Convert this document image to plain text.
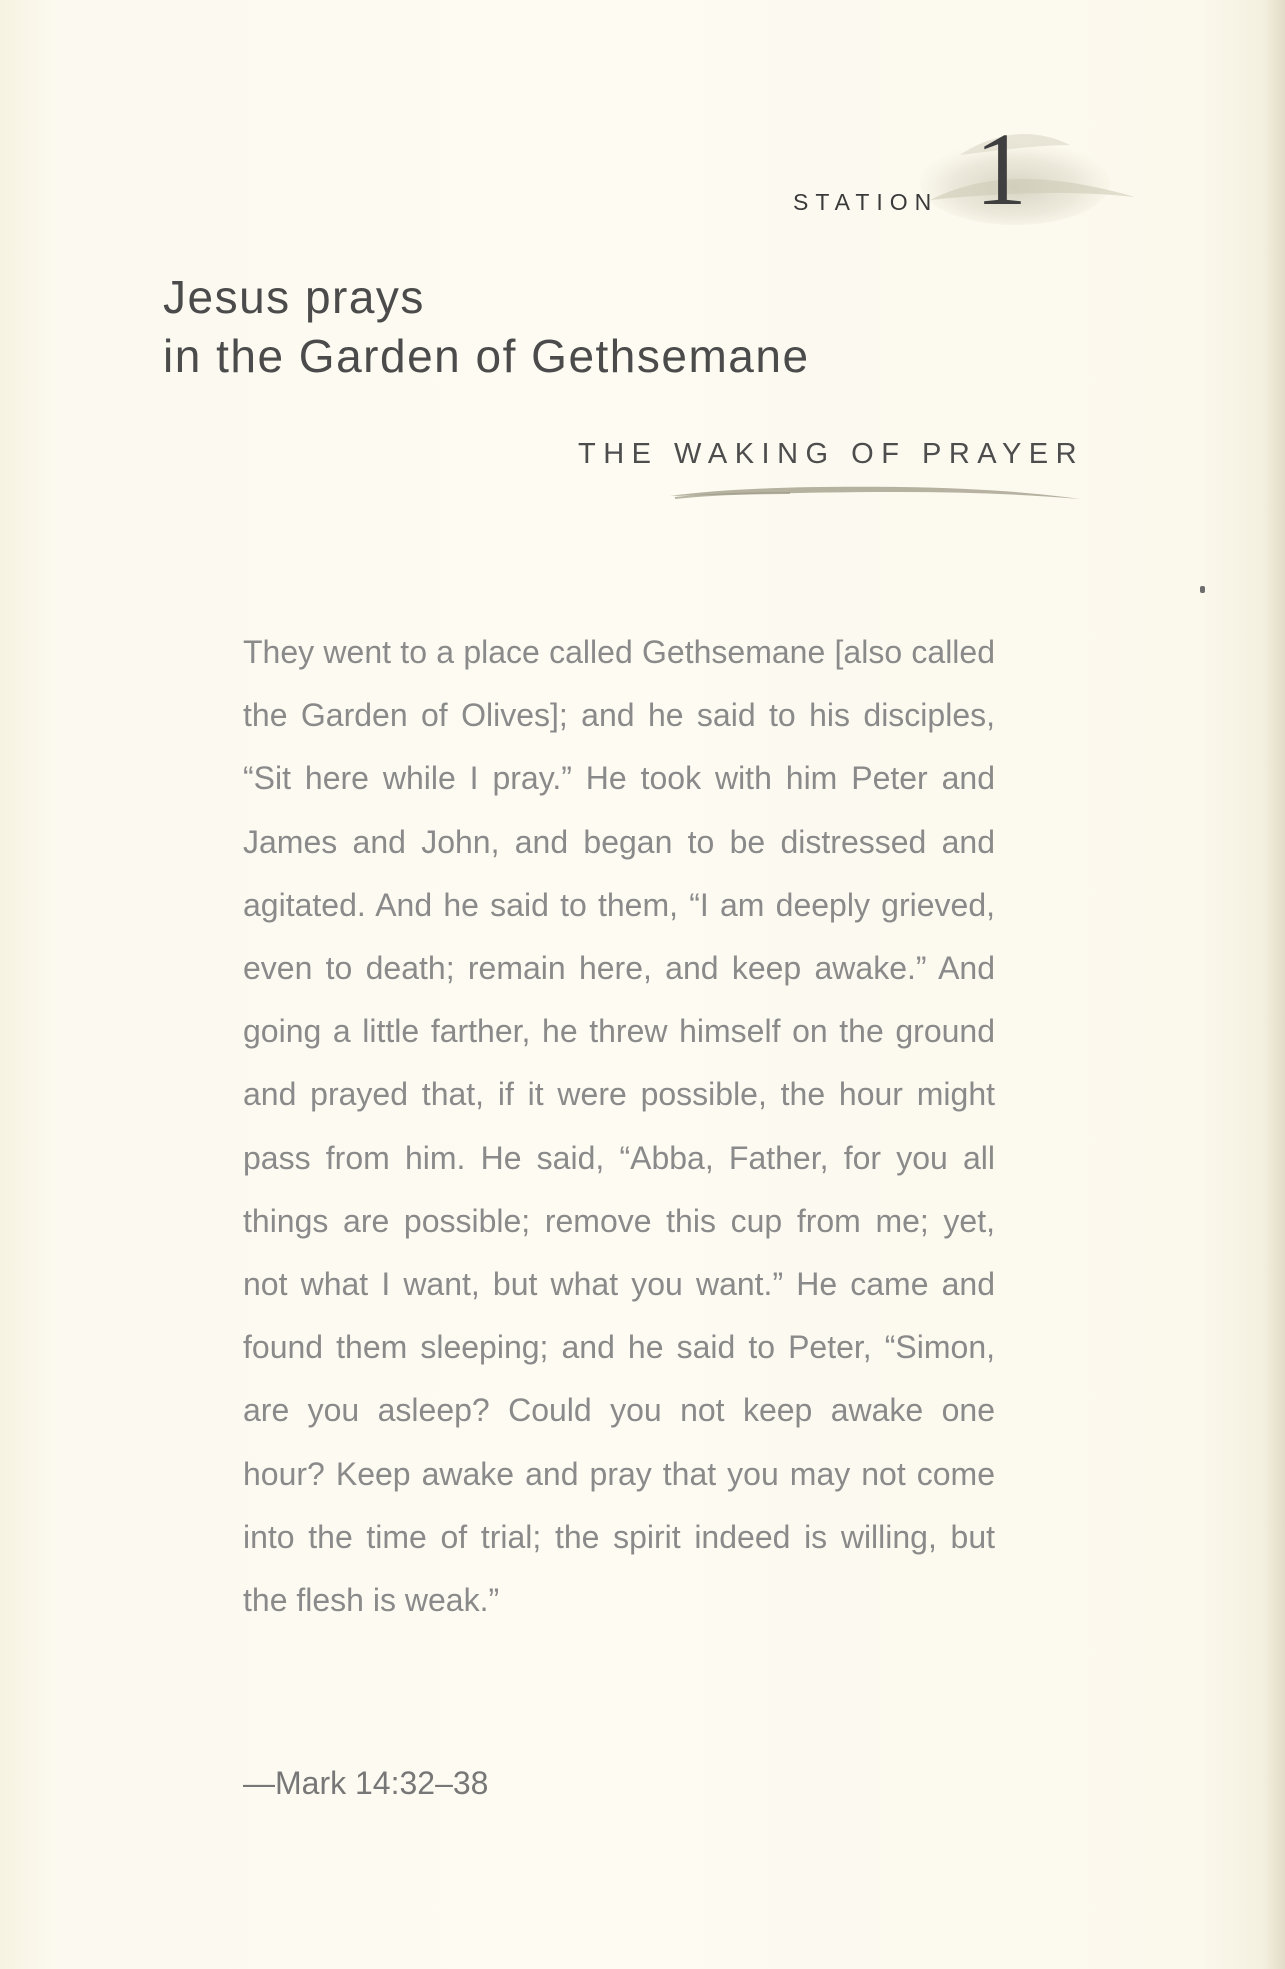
STATION 1
Jesus prays
in the Garden of Gethsemane
THE WAKING OF PRAYER

They went to a place called Gethsemane [also called the Garden of Olives]; and he said to his disciples, “Sit here while I pray.” He took with him Peter and James and John, and began to be distressed and agitated. And he said to them, “I am deeply grieved, even to death; remain here, and keep awake.” And going a little farther, he threw himself on the ground and prayed that, if it were possible, the hour might pass from him. He said, “Abba, Father, for you all things are possible; remove this cup from me; yet, not what I want, but what you want.” He came and found them sleeping; and he said to Peter, “Simon, are you asleep? Could you not keep awake one hour? Keep awake and pray that you may not come into the time of trial; the spirit indeed is willing, but the flesh is weak.”

—Mark 14:32–38
